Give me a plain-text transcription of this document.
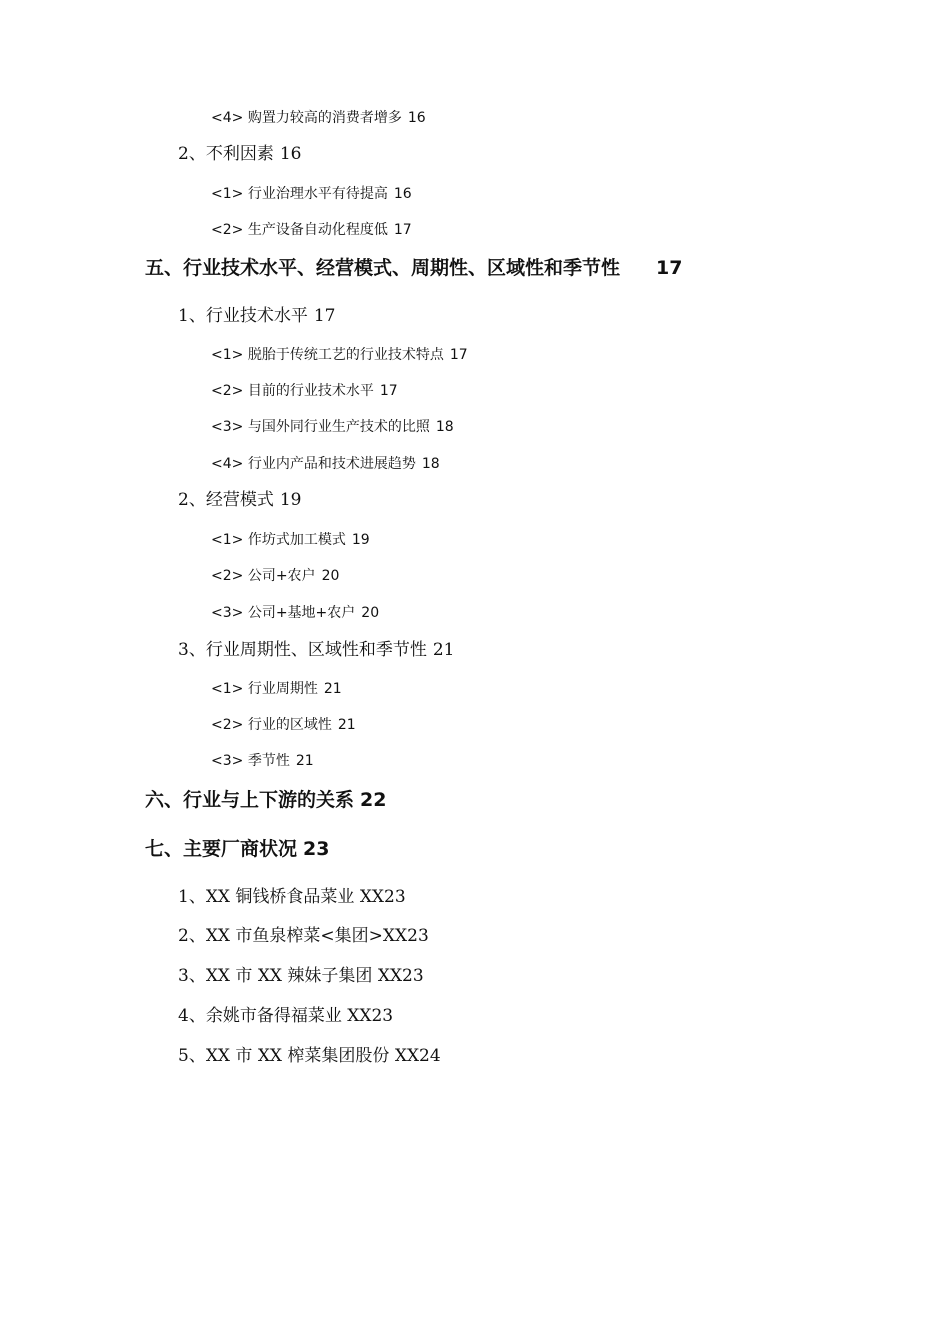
<4> 购置力较高的消费者增多 16
2、不利因素 16
<1> 行业治理水平有待提高 16
<2> 生产设备自动化程度低 17
五、行业技术水平、经营模式、周期性、区域性和季节性 17
1、行业技术水平 17
<1> 脱胎于传统工艺的行业技术特点 17
<2> 目前的行业技术水平 17
<3> 与国外同行业生产技术的比照 18
<4> 行业内产品和技术进展趋势 18
2、经营模式 19
<1> 作坊式加工模式 19
<2> 公司+农户 20
<3> 公司+基地+农户 20
3、行业周期性、区域性和季节性 21
<1> 行业周期性 21
<2> 行业的区域性 21
<3> 季节性 21
六、行业与上下游的关系 22
七、主要厂商状况 23
1、XX 铜钱桥食品菜业 XX23
2、XX 市鱼泉榨菜<集团>XX23
3、XX 市 XX 辣妹子集团 XX23
4、余姚市备得福菜业 XX23
5、XX 市 XX 榨菜集团股份 XX24
